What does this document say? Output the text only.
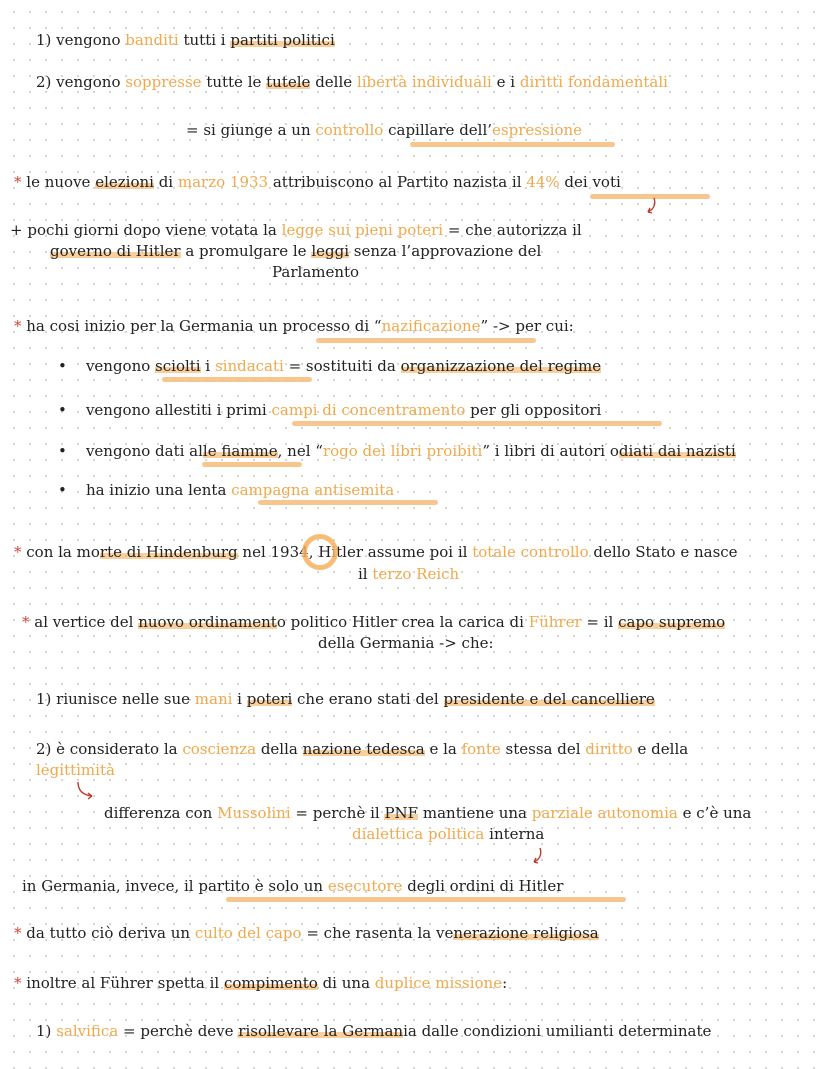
1) vengono banditi tutti i partiti politici
2) vengono soppresse tutte le tutele delle libertà individuali e i diritti fondamentali
= si giunge a un controllo capillare dell’espressione
* le nuove elezioni di marzo 1933 attribuiscono al Partito nazista il 44% dei voti
+ pochi giorni dopo viene votata la legge sui pieni poteri = che autorizza il
governo di Hitler a promulgare le leggi senza l’approvazione del
Parlamento
* ha cosi inizio per la Germania un processo di “nazificazione” -> per cui:
• vengono sciolti i sindacati = sostituiti da organizzazione del regime
• vengono allestiti i primi campi di concentramento per gli oppositori
• vengono dati alle fiamme, nel “rogo dei libri proibiti” i libri di autori odiati dai nazisti
• ha inizio una lenta campagna antisemita
* con la morte di Hindenburg nel 1934, Hitler assume poi il totale controllo dello Stato e nasce
il terzo Reich
* al vertice del nuovo ordinamento politico Hitler crea la carica di Führer = il capo supremo
della Germania -> che:
1) riunisce nelle sue mani i poteri che erano stati del presidente e del cancelliere
2) è considerato la coscienza della nazione tedesca e la fonte stessa del diritto e della
legittimità
differenza con Mussolini = perchè il PNF mantiene una parziale autonomia e c’è una
dialettica politica interna
in Germania, invece, il partito è solo un esecutore degli ordini di Hitler
* da tutto ciò deriva un culto del capo = che rasenta la venerazione religiosa
* inoltre al Führer spetta il compimento di una duplice missione:
1) salvifica = perchè deve risollevare la Germania dalle condizioni umilianti determinate
